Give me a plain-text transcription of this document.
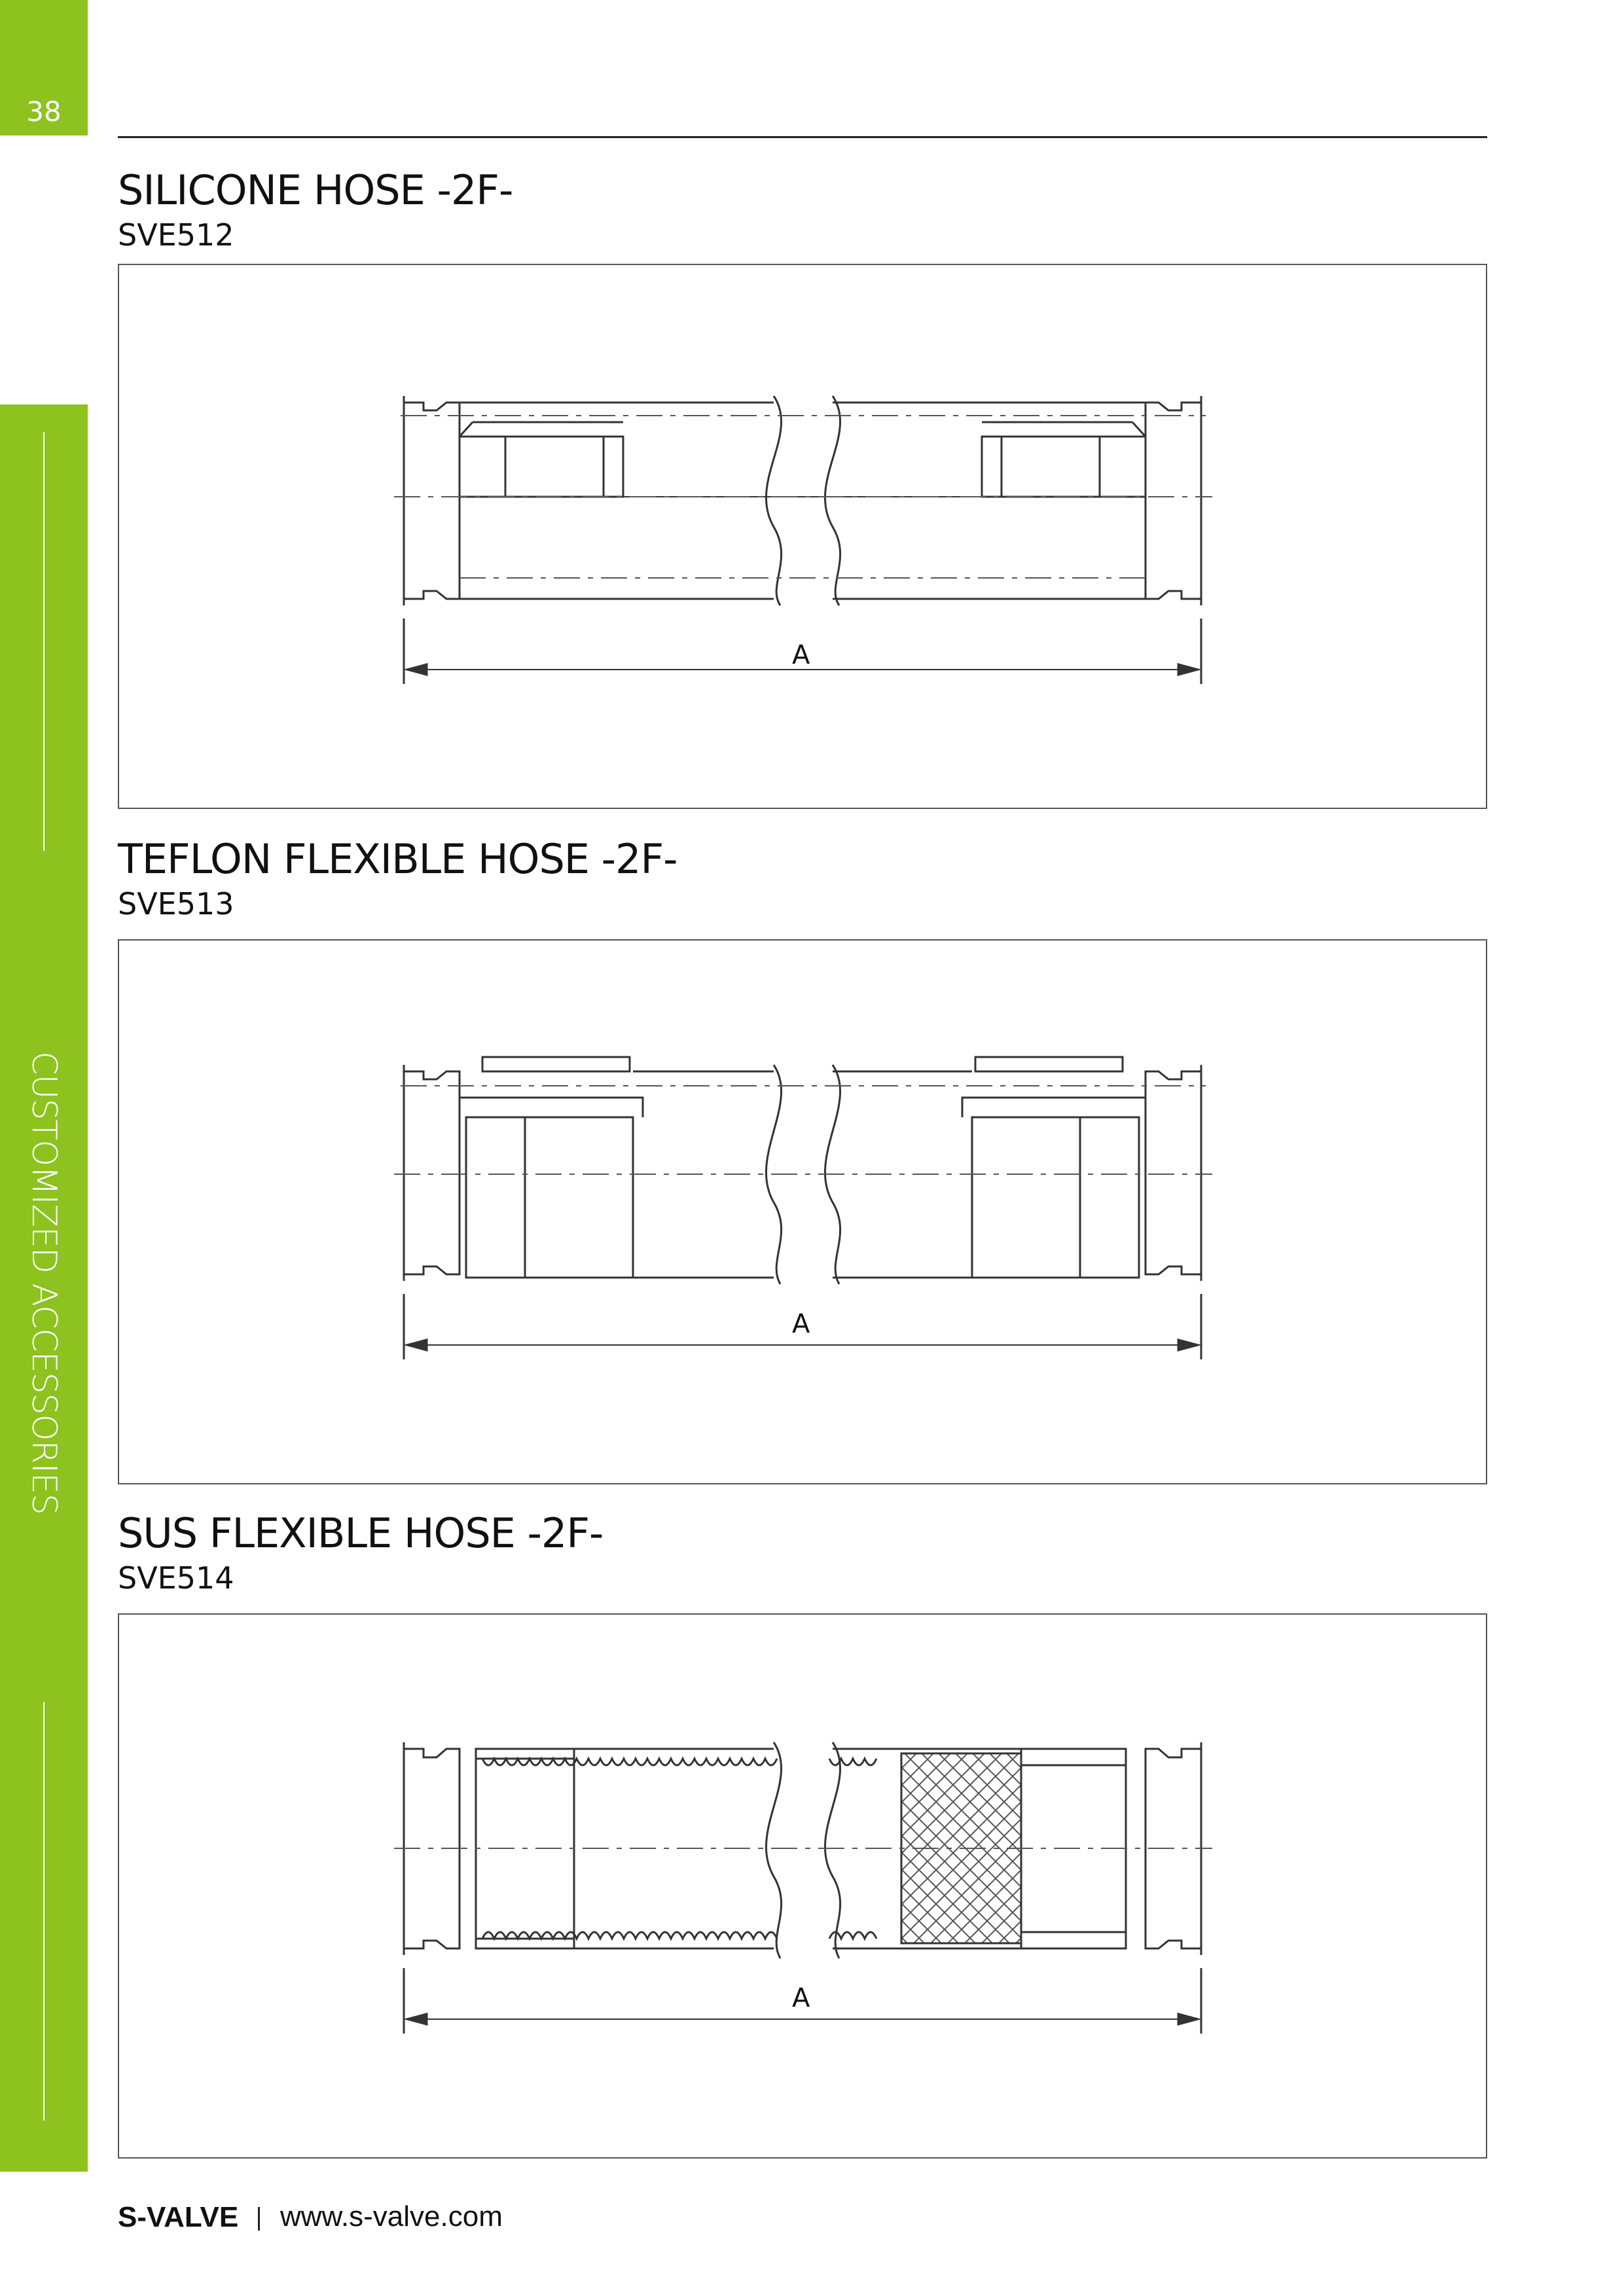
38
CUSTOMIZED ACCESSORIES
SILICONE HOSE -2F-
SVE512
A
TEFLON FLEXIBLE HOSE -2F-
SVE513
A
SUS FLEXIBLE HOSE -2F-
SVE514
A
S-VALVE www.s-valve.com
